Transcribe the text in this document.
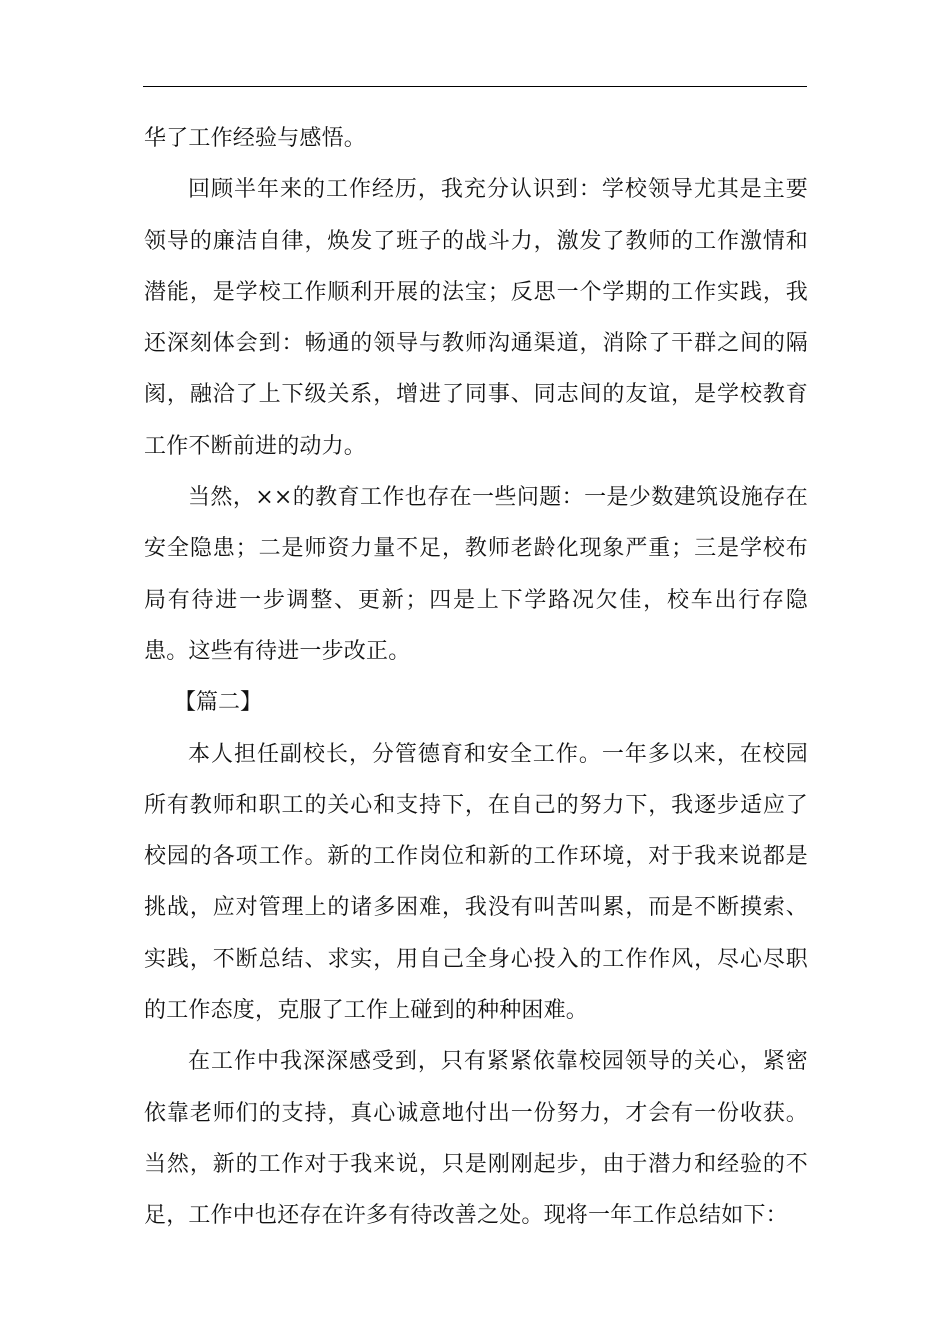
华了工作经验与感悟。

回顾半年来的工作经历，我充分认识到：学校领导尤其是主要领导的廉洁自律，焕发了班子的战斗力，激发了教师的工作激情和潜能，是学校工作顺利开展的法宝；反思一个学期的工作实践，我还深刻体会到：畅通的领导与教师沟通渠道，消除了干群之间的隔阂，融洽了上下级关系，增进了同事、同志间的友谊，是学校教育工作不断前进的动力。

当然，××的教育工作也存在一些问题：一是少数建筑设施存在安全隐患；二是师资力量不足，教师老龄化现象严重；三是学校布局有待进一步调整、更新；四是上下学路况欠佳，校车出行存隐患。这些有待进一步改正。

【篇二】

本人担任副校长，分管德育和安全工作。一年多以来，在校园所有教师和职工的关心和支持下，在自己的努力下，我逐步适应了校园的各项工作。新的工作岗位和新的工作环境，对于我来说都是挑战，应对管理上的诸多困难，我没有叫苦叫累，而是不断摸索、实践，不断总结、求实，用自己全身心投入的工作作风，尽心尽职的工作态度，克服了工作上碰到的种种困难。

在工作中我深深感受到，只有紧紧依靠校园领导的关心，紧密依靠老师们的支持，真心诚意地付出一份努力，才会有一份收获。当然，新的工作对于我来说，只是刚刚起步，由于潜力和经验的不足，工作中也还存在许多有待改善之处。现将一年工作总结如下：
